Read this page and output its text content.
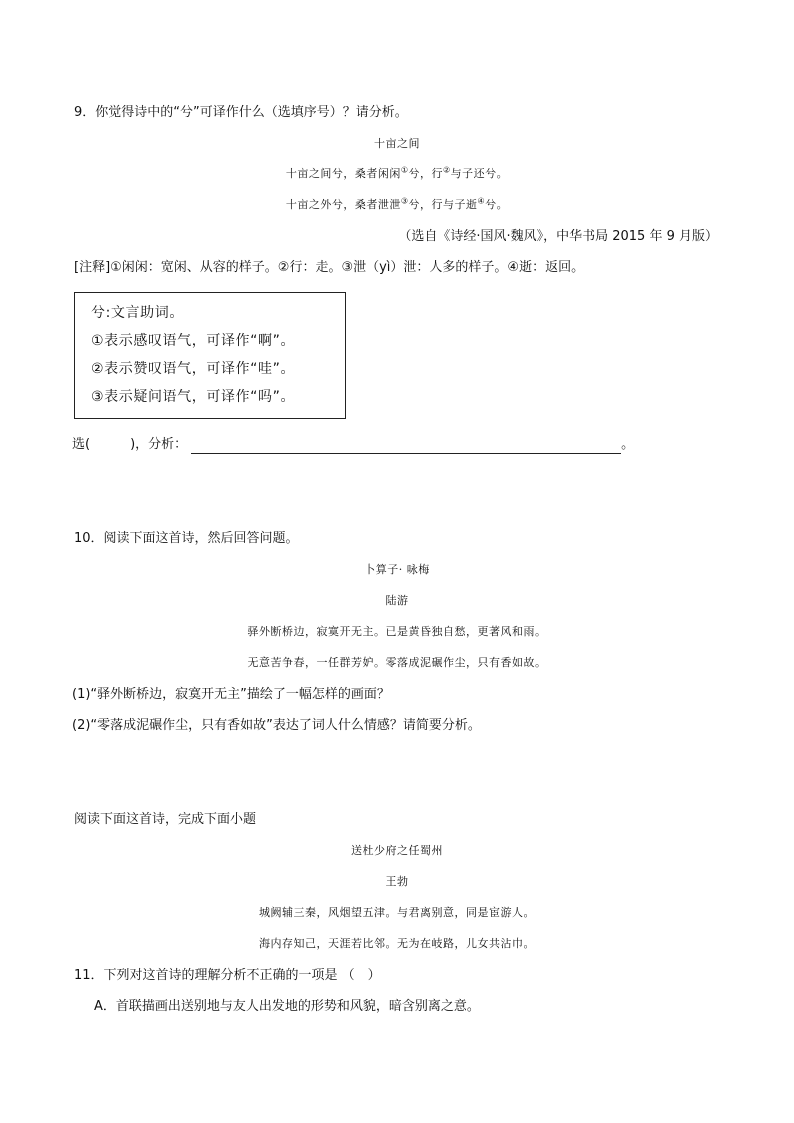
9．你觉得诗中的“兮”可译作什么（选填序号）？请分析。
十亩之间
十亩之间兮，桑者闲闲①兮，行②与子还兮。
十亩之外兮，桑者泄泄③兮，行与子逝④兮。
（选自《诗经·国风·魏风》，中华书局 2015 年 9 月版）
[注释]①闲闲：宽闲、从容的样子。②行：走。③泄（yì）泄：人多的样子。④逝：返回。
兮:文言助词。
①表示感叹语气，可译作“啊”。
②表示赞叹语气，可译作“哇”。
③表示疑问语气，可译作“吗”。
选(	)，分析：	。
10．阅读下面这首诗，然后回答问题。
卜算子· 咏梅
陆游
驿外断桥边，寂寞开无主。已是黄昏独自愁，更著风和雨。
无意苦争春，一任群芳妒。零落成泥碾作尘，只有香如故。
(1)“驿外断桥边，寂寞开无主”描绘了一幅怎样的画面？
(2)“零落成泥碾作尘，只有香如故”表达了词人什么情感？请简要分析。
阅读下面这首诗，完成下面小题
送杜少府之任蜀州
王勃
城阙辅三秦，风烟望五津。与君离别意，同是宦游人。
海内存知己，天涯若比邻。无为在岐路，儿女共沾巾。
11．下列对这首诗的理解分析不正确的一项是 （　）
A．首联描画出送别地与友人出发地的形势和风貌，暗含别离之意。
